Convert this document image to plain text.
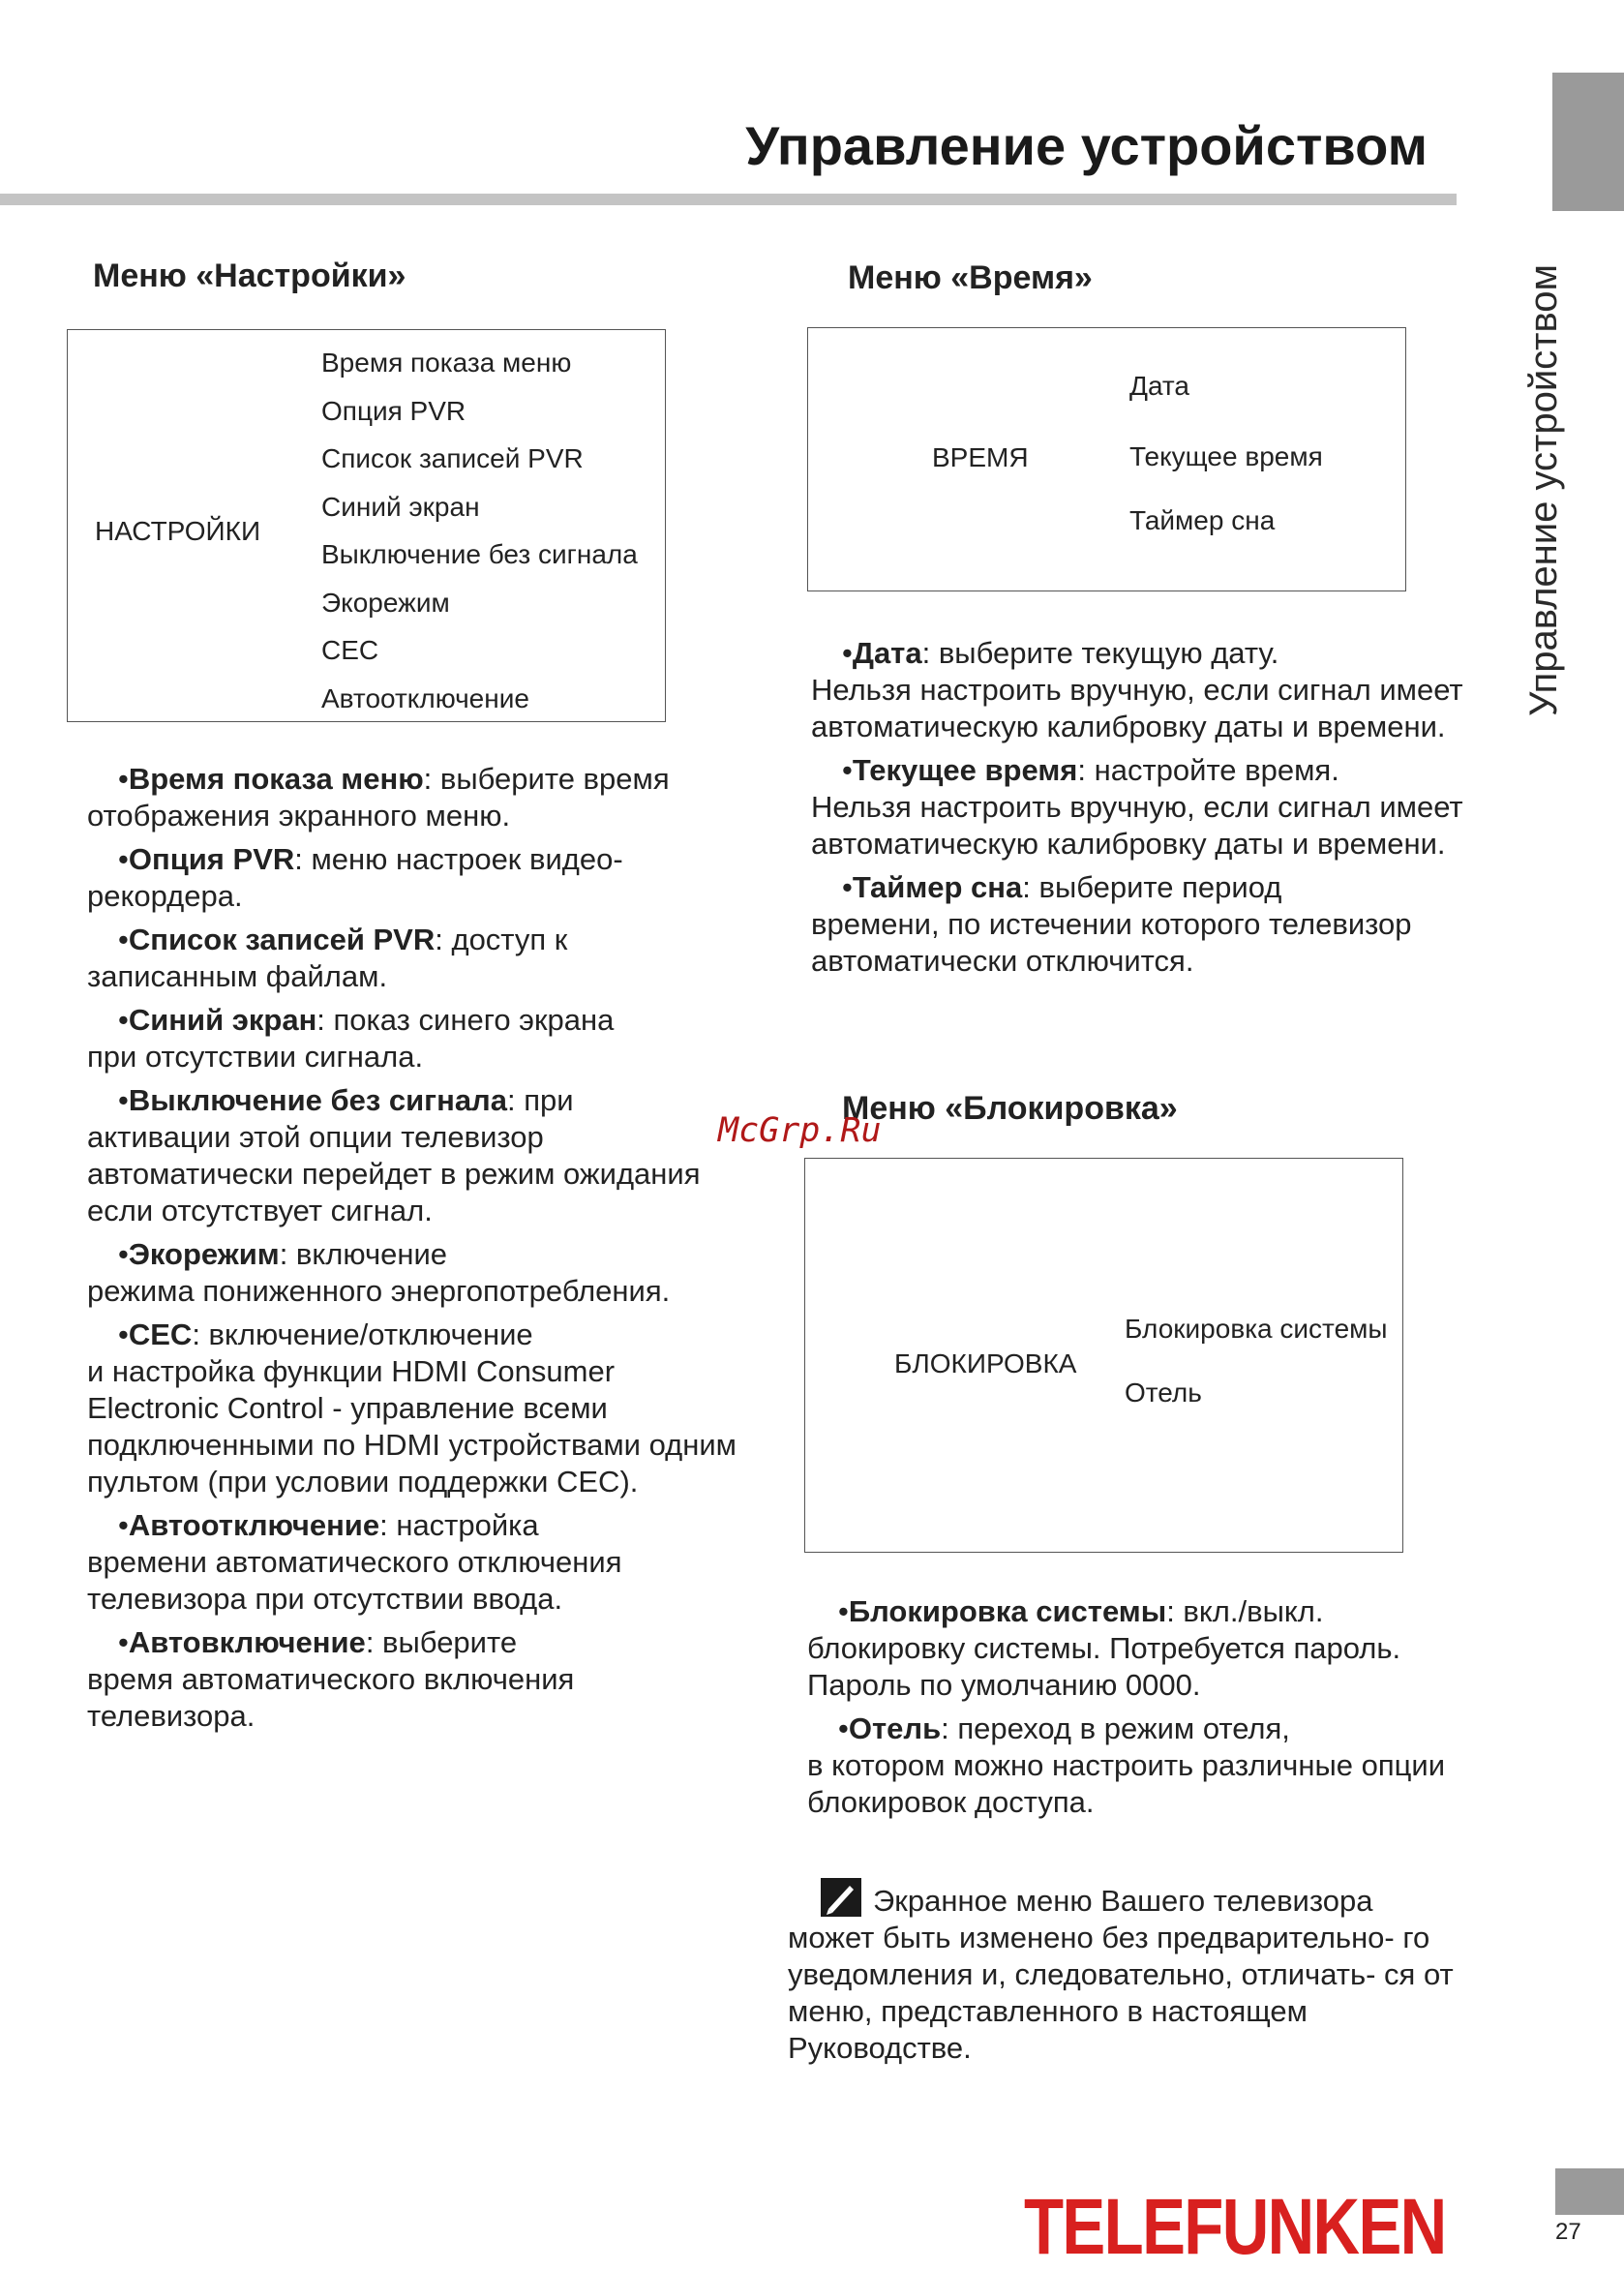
Управление устройством
Управление устройством
Меню «Настройки»
НАСТРОЙКИ
Время показа меню
Опция PVR
Список записей PVR
Синий экран
Выключение без сигнала
Экорежим
CEC
Автоотключение

•Время показа меню: выберите время
отображения экранного меню.

•Опция PVR: меню настроек видео-
рекордера.

•Список записей PVR: доступ к
записанным файлам.

•Синий экран: показ синего экрана
при отсутствии сигнала.

•Выключение без сигнала: при
активации этой опции телевизор автоматически перейдет в режим ожидания если отсутствует сигнал.

•Экорежим: включение
режима пониженного энергопотребления.

•CEC: включение/отключение
и настройка функции HDMI Consumer Electronic Control - управление всеми подключенными по HDMI устройствами одним пультом (при условии поддержки CEC).

•Автоотключение: настройка
времени автоматического отключения телевизора при отсутствии ввода.

•Автовключение: выберите
время автоматического включения телевизора.

Меню «Время»
ВРЕМЯ
Дата
Текущее время
Таймер сна

•Дата: выберите текущую дату.
Нельзя настроить вручную, если сигнал имеет автоматическую калибровку даты и времени.

•Текущее время: настройте время.
Нельзя настроить вручную, если сигнал имеет автоматическую калибровку даты и времени.

•Таймер сна: выберите период
времени, по истечении которого телевизор автоматически отключится.

Меню «Блокировка»
БЛОКИРОВКА
Блокировка системы
Отель

•Блокировка системы: вкл./выкл.
блокировку системы. Потребуется пароль. Пароль по умолчанию 0000.

•Отель: переход в режим отеля,
в котором можно настроить различные опции блокировок доступа.

Экранное меню Вашего телевизора может быть изменено без предварительно- го уведомления и, следовательно, отличать- ся от меню, представленного в настоящем Руководстве.

McGrp.Ru
TELEFUNKEN	27
